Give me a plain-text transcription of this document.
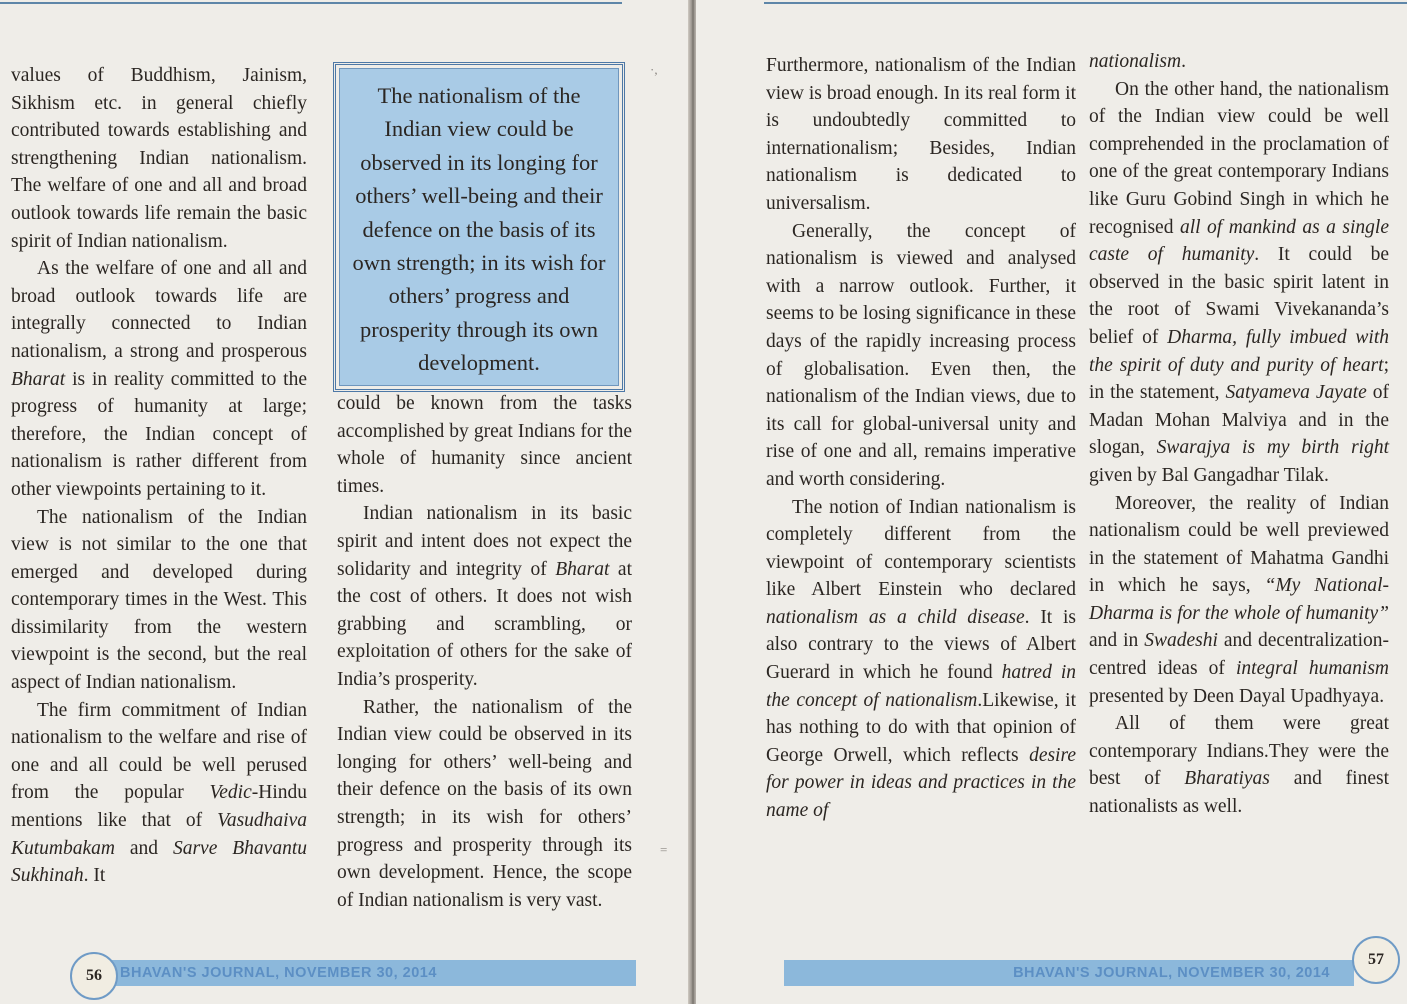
values of Buddhism, Jainism, Sikhism etc. in general chiefly contributed towards establishing and strengthening Indian nationalism. The welfare of one and all and broad outlook towards life remain the basic spirit of Indian nationalism.

As the welfare of one and all and broad outlook towards life are integrally connected to Indian nationalism, a strong and prosperous Bharat is in reality committed to the progress of humanity at large; therefore, the Indian concept of nationalism is rather different from other viewpoints pertaining to it.

The nationalism of the Indian view is not similar to the one that emerged and developed during contemporary times in the West. This dissimilarity from the western viewpoint is the second, but the real aspect of Indian nationalism.

The firm commitment of Indian nationalism to the welfare and rise of one and all could be well perused from the popular Vedic-Hindu mentions like that of Vasudhaiva Kutumbakam and Sarve Bhavantu Sukhinah. It

The nationalism of the Indian view could be observed in its longing for others’ well-being and their defence on the basis of its own strength; in its wish for others’ progress and prosperity through its own development.

could be known from the tasks accomplished by great Indians for the whole of humanity since ancient times.

Indian nationalism in its basic spirit and intent does not expect the solidarity and integrity of Bharat at the cost of others. It does not wish grabbing and scrambling, or exploitation of others for the sake of India’s prosperity.

Rather, the nationalism of the Indian view could be observed in its longing for others’ well-being and their defence on the basis of its own strength; in its wish for others’ progress and prosperity through its own development. Hence, the scope of Indian nationalism is very vast.

BHAVAN'S JOURNAL, NOVEMBER 30, 2014
56
·,	Furthermore, nationalism of the Indian view is broad enough. In its real form it is undoubtedly committed to internationalism; Besides, Indian nationalism is dedicated to universalism.

Generally, the concept of nationalism is viewed and analysed with a narrow outlook. Further, it seems to be losing significance in these days of the rapidly increasing process of globalisation. Even then, the nationalism of the Indian views, due to its call for global-universal unity and rise of one and all, remains imperative and worth considering.

The notion of Indian nationalism is completely different from the viewpoint of contemporary scientists like Albert Einstein who declared nationalism as a child disease. It is also contrary to the views of Albert Guerard in which he found hatred in the concept of nationalism.Likewise, it has nothing to do with that opinion of George Orwell, which reflects desire for power in ideas and practices in the name of

nationalism.

On the other hand, the nationalism of the Indian view could be well comprehended in the proclamation of one of the great contemporary Indians like Guru Gobind Singh in which he recognised all of mankind as a single caste of humanity. It could be observed in the basic spirit latent in the root of Swami Vivekananda’s belief of Dharma, fully imbued with the spirit of duty and purity of heart; in the statement, Satyameva Jayate of Madan Mohan Malviya and in the slogan, Swarajya is my birth right given by Bal Gangadhar Tilak.

Moreover, the reality of Indian nationalism could be well previewed in the statement of Mahatma Gandhi in which he says, “My National-Dharma is for the whole of humanity” and in Swadeshi and decentralization-centred ideas of integral humanism presented by Deen Dayal Upadhyaya.

All of them were great contemporary Indians.They were the best of Bharatiyas and finest nationalists as well.

BHAVAN'S JOURNAL, NOVEMBER 30, 2014
57
=
